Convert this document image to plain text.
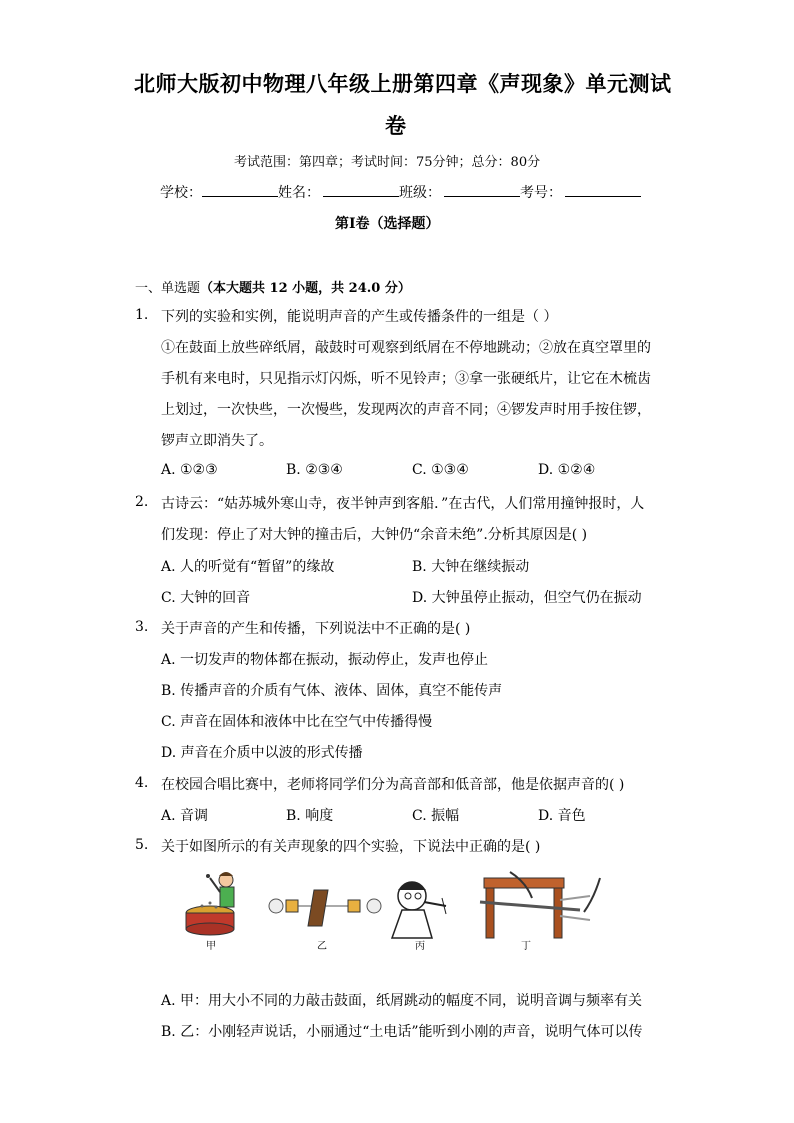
北师大版初中物理八年级上册第四章《声现象》单元测试
卷
考试范围：第四章；考试时间：75分钟；总分：80分
学校：	姓名：	班级：	考号：
第I卷（选择题）
一、单选题（本大题共 12 小题，共 24.0 分）
1. 下列的实验和实例，能说明声音的产生或传播条件的一组是（ ）
①在鼓面上放些碎纸屑，敲鼓时可观察到纸屑在不停地跳动；②放在真空罩里的
手机有来电时，只见指示灯闪烁，听不见铃声；③拿一张硬纸片，让它在木梳齿
上划过，一次快些，一次慢些，发现两次的声音不同；④锣发声时用手按住锣，
锣声立即消失了。
A. ①②③	B. ②③④	C. ①③④	D. ①②④
2. 古诗云：“姑苏城外寒山寺，夜半钟声到客船．”在古代，人们常用撞钟报时，人
们发现：停止了对大钟的撞击后，大钟仍“余音未绝”.分析其原因是( )
A. 人的听觉有“暂留”的缘故	B. 大钟在继续振动
C. 大钟的回音	D. 大钟虽停止振动，但空气仍在振动
3. 关于声音的产生和传播，下列说法中不正确的是( )
A. 一切发声的物体都在振动，振动停止，发声也停止
B. 传播声音的介质有气体、液体、固体，真空不能传声
C. 声音在固体和液体中比在空气中传播得慢
D. 声音在介质中以波的形式传播
4. 在校园合唱比赛中，老师将同学们分为高音部和低音部，他是依据声音的( )
A. 音调	B. 响度	C. 振幅	D. 音色
5. 关于如图所示的有关声现象的四个实验，下说法中正确的是( )
甲	乙	丙	丁
A. 甲：用大小不同的力敲击鼓面，纸屑跳动的幅度不同，说明音调与频率有关
B. 乙：小刚轻声说话，小丽通过“土电话”能听到小刚的声音，说明气体可以传
